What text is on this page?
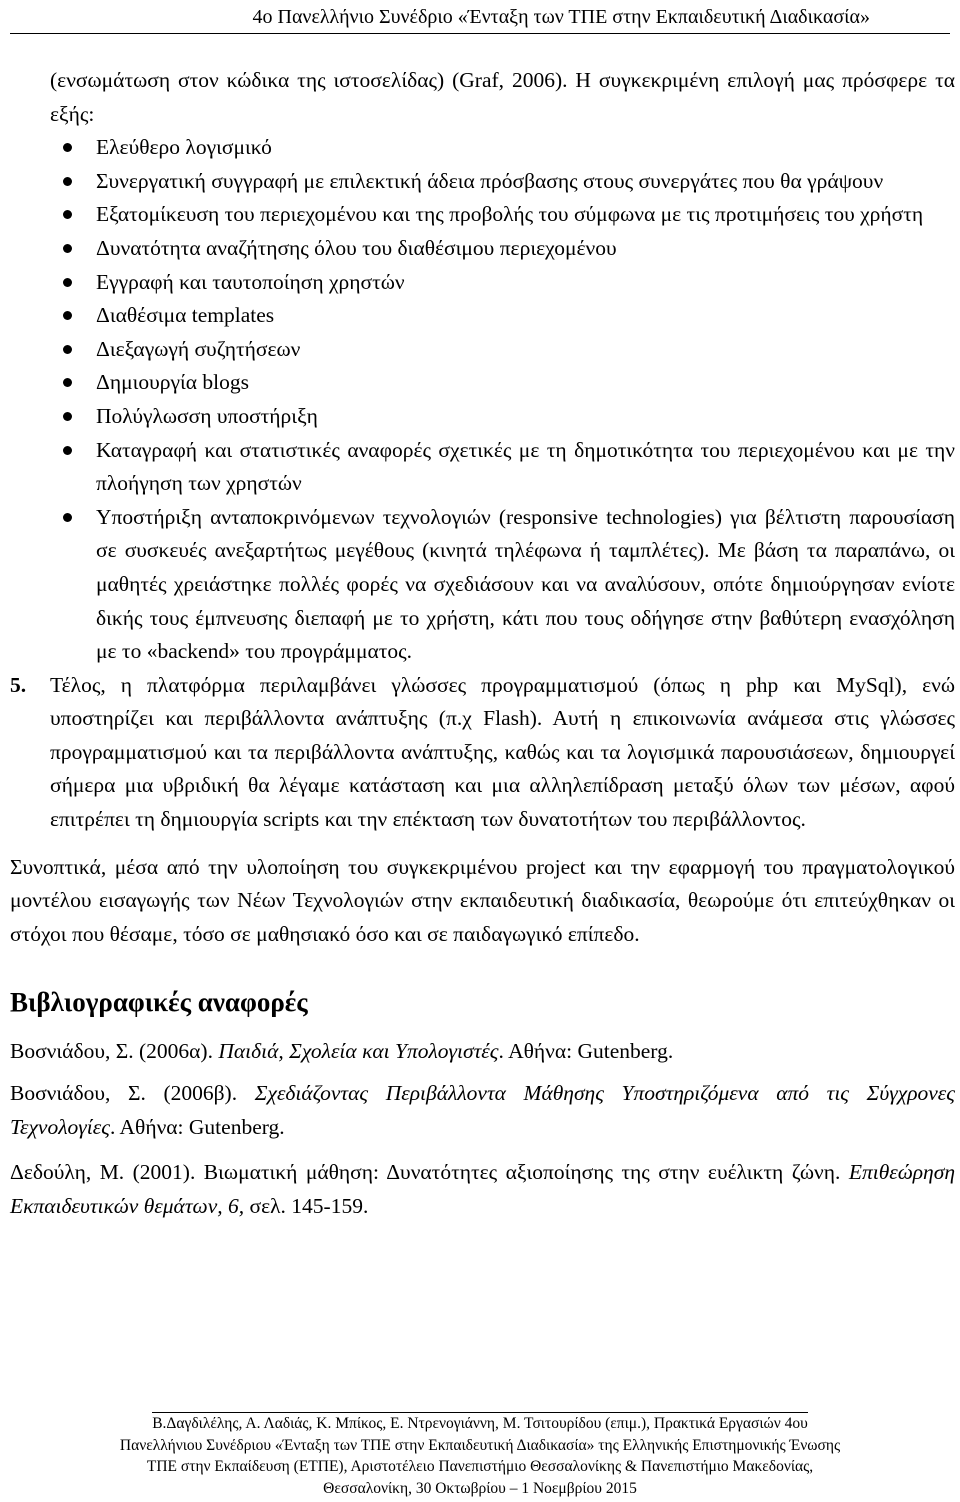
4ο Πανελλήνιο Συνέδριο «Ένταξη των ΤΠΕ στην Εκπαιδευτική Διαδικασία»

(ενσωμάτωση στον κώδικα της ιστοσελίδας) (Graf, 2006). Η συγκεκριμένη επιλογή μας πρόσφερε τα εξής:

Ελεύθερο λογισμικό
Συνεργατική συγγραφή με επιλεκτική άδεια πρόσβασης στους συνεργάτες που θα γράψουν
Εξατομίκευση του περιεχομένου και της προβολής του σύμφωνα με τις προτιμήσεις του χρήστη
Δυνατότητα αναζήτησης όλου του διαθέσιμου περιεχομένου
Εγγραφή και ταυτοποίηση χρηστών
Διαθέσιμα templates
Διεξαγωγή συζητήσεων
Δημιουργία blogs
Πολύγλωσση υποστήριξη
Καταγραφή και στατιστικές αναφορές σχετικές με τη δημοτικότητα του περιεχομένου και με την πλοήγηση των χρηστών
Υποστήριξη ανταποκρινόμενων τεχνολογιών (responsive technologies) για βέλτιστη παρουσίαση σε συσκευές ανεξαρτήτως μεγέθους (κινητά τηλέφωνα ή ταμπλέτες). Με βάση τα παραπάνω, οι μαθητές χρειάστηκε πολλές φορές να σχεδιάσουν και να αναλύσουν, οπότε δημιούργησαν ενίοτε δικής τους έμπνευσης διεπαφή με το χρήστη, κάτι που τους οδήγησε στην βαθύτερη ενασχόληση με το «backend» του προγράμματος.
5. Τέλος, η πλατφόρμα περιλαμβάνει γλώσσες προγραμματισμού (όπως η php και MySql), ενώ υποστηρίζει και περιβάλλοντα ανάπτυξης (π.χ Flash). Αυτή η επικοινωνία ανάμεσα στις γλώσσες προγραμματισμού και τα περιβάλλοντα ανάπτυξης, καθώς και τα λογισμικά παρουσιάσεων, δημιουργεί σήμερα μια υβριδική θα λέγαμε κατάσταση και μια αλληλεπίδραση μεταξύ όλων των μέσων, αφού επιτρέπει τη δημιουργία scripts και την επέκταση των δυνατοτήτων του περιβάλλοντος.

Συνοπτικά, μέσα από την υλοποίηση του συγκεκριμένου project και την εφαρμογή του πραγματολογικού μοντέλου εισαγωγής των Νέων Τεχνολογιών στην εκπαιδευτική διαδικασία, θεωρούμε ότι επιτεύχθηκαν οι στόχοι που θέσαμε, τόσο σε μαθησιακό όσο και σε παιδαγωγικό επίπεδο.

Βιβλιογραφικές αναφορές

Βοσνιάδου, Σ. (2006α). Παιδιά, Σχολεία και Υπολογιστές. Αθήνα: Gutenberg.

Βοσνιάδου, Σ. (2006β). Σχεδιάζοντας Περιβάλλοντα Μάθησης Υποστηριζόμενα από τις Σύγχρονες Τεχνολογίες. Αθήνα: Gutenberg.

Δεδούλη, Μ. (2001). Βιωματική μάθηση: Δυνατότητες αξιοποίησης της στην ευέλικτη ζώνη. Επιθεώρηση Εκπαιδευτικών θεμάτων, 6, σελ. 145-159.

Β.Δαγδιλέλης, Α. Λαδιάς, Κ. Μπίκος, Ε. Ντρενογιάννη, Μ. Τσιτουρίδου (επιμ.), Πρακτικά Εργασιών 4ου
Πανελλήνιου Συνέδριου «Ένταξη των ΤΠΕ στην Εκπαιδευτική Διαδικασία» της Ελληνικής Επιστημονικής Ένωσης
ΤΠΕ στην Εκπαίδευση (ΕΤΠΕ), Αριστοτέλειο Πανεπιστήμιο Θεσσαλονίκης & Πανεπιστήμιο Μακεδονίας,
Θεσσαλονίκη, 30 Οκτωβρίου – 1 Νοεμβρίου 2015
